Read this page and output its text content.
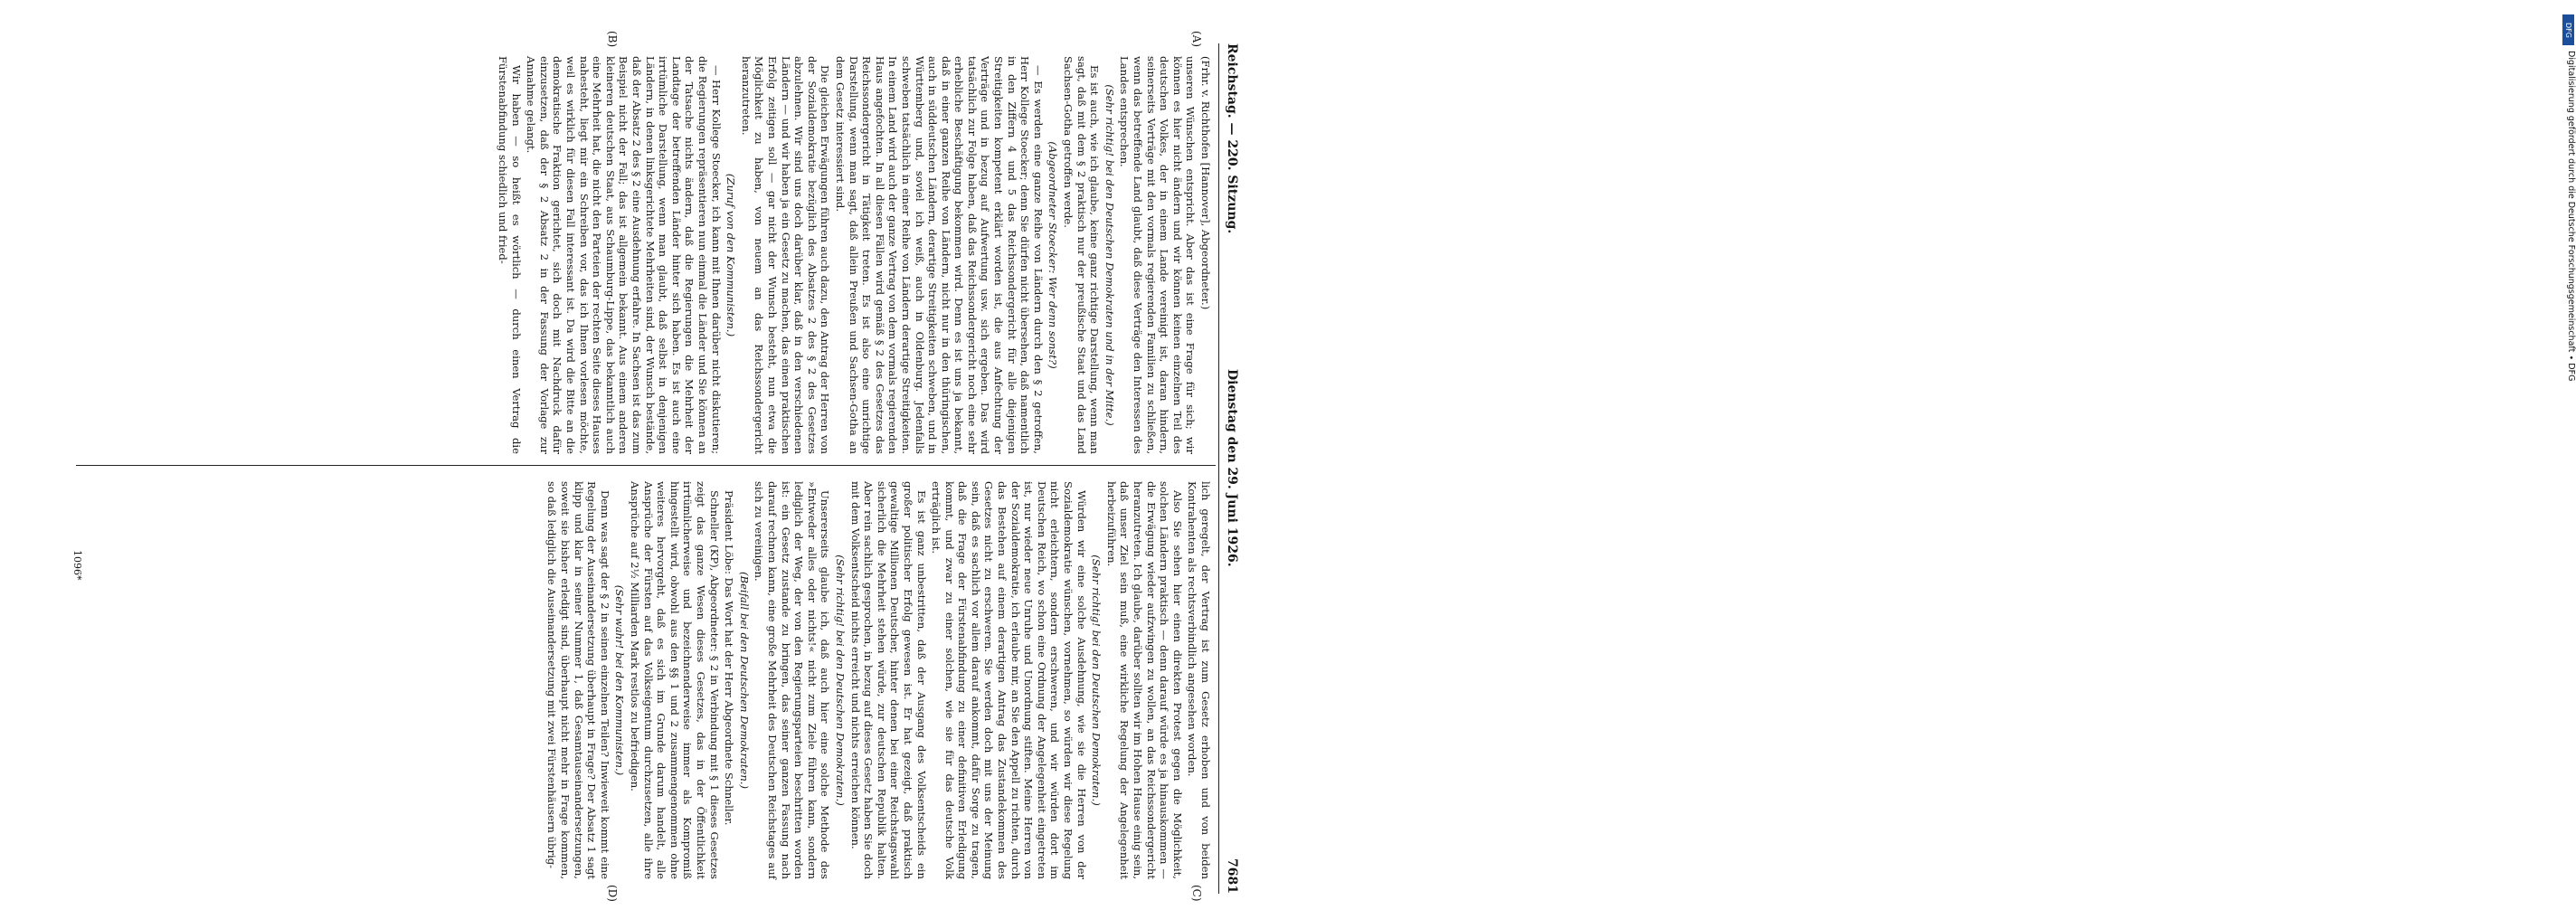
DFG
Digitalisierung gefördert durch die Deutsche Forschungsgemeinschaft ∙ DFG
Reichstag. — 220. Sitzung.
Dienstag den 29. Juni 1926.
7681
(A)
(B)
(C)
(D)

(Frhr. v. Richthofen [Hannover], Abgeordneter.)

unseren Wünschen entspricht. Aber das ist eine Frage für sich; wir können es hier nicht ändern und wir können keinen einzelnen Teil des deutschen Volkes, der in einem Lande vereinigt ist, daran hindern, seinerseits Verträge mit den vormals regierenden Familien zu schließen, wenn das betreffende Land glaubt, daß diese Verträge den Interessen des Landes entsprechen.

(Sehr richtig! bei den Deutschen Demokraten und in der Mitte.)

Es ist auch, wie ich glaube, keine ganz richtige Darstellung, wenn man sagt, daß mit dem § 2 praktisch nur der preußische Staat und das Land Sachsen-Gotha getroffen werde.

(Abgeordneter Stoecker: Wer denn sonst?)

— Es werden eine ganze Reihe von Ländern durch den § 2 getroffen, Herr Kollege Stoecker; denn Sie dürfen nicht übersehen, daß namentlich in den Ziffern 4 und 5 das Reichssondergericht für alle diejenigen Streitigkeiten kompetent erklärt worden ist, die aus Anfechtung der Verträge und in bezug auf Aufwertung usw. sich ergeben. Das wird tatsächlich zur Folge haben, daß das Reichssondergericht noch eine sehr erhebliche Beschäftigung bekommen wird. Denn es ist uns ja bekannt, daß in einer ganzen Reihe von Ländern, nicht nur in den thüringischen, auch in süddeutschen Ländern, derartige Streitigkeiten schweben, und in Württemberg und, soviel ich weiß, auch in Oldenburg. Jedenfalls schweben tatsächlich in einer Reihe von Ländern derartige Streitigkeiten. In einem Land wird auch der ganze Vertrag von dem vormals regierenden Haus angefochten. In all diesen Fällen wird gemäß § 2 des Gesetzes das Reichssondergericht in Tätigkeit treten. Es ist also eine unrichtige Darstellung, wenn man sagt, daß allein Preußen und Sachsen-Gotha an dem Gesetz interessiert sind.

Die gleichen Erwägungen führen auch dazu, den Antrag der Herren von der Sozialdemokratie bezüglich des Absatzes 2 des § 2 des Gesetzes abzulehnen. Wir sind uns doch darüber klar, daß in den verschiedenen Ländern — und wir haben ja ein Gesetz zu machen, das einen praktischen Erfolg zeitigen soll — gar nicht der Wunsch besteht, nun etwa die Möglichkeit zu haben, von neuem an das Reichssondergericht heranzutreten.

(Zuruf von den Kommunisten.)

— Herr Kollege Stoecker, ich kann mit Ihnen darüber nicht diskutieren; die Regierungen repräsentieren nun einmal die Länder und Sie können an der Tatsache nichts ändern, daß die Regierungen die Mehrheit der Landtage der betreffenden Länder hinter sich haben. Es ist auch eine irrtümliche Darstellung, wenn man glaubt, daß selbst in denjenigen Ländern, in denen linksgerichtete Mehrheiten sind, der Wunsch bestände, daß der Absatz 2 des § 2 eine Ausdehnung erfahre. In Sachsen ist das zum Beispiel nicht der Fall; das ist allgemein bekannt. Aus einem anderen kleineren deutschen Staat, aus Schaumburg-Lippe, das bekanntlich auch eine Mehrheit hat, die nicht den Parteien der rechten Seite dieses Hauses nahesteht, liegt mir ein Schreiben vor, das ich Ihnen vorlesen möchte, weil es wirklich für diesen Fall interessant ist. Da wird die Bitte an die demokratische Fraktion gerichtet, sich doch mit Nachdruck dafür einzusetzen, daß der § 2 Absatz 2 in der Fassung der Vorlage zur Annahme gelangt.

Wir haben — so heißt es wörtlich — durch einen Vertrag die Fürstenabfindung schiedlich und fried-

lich geregelt, der Vertrag ist zum Gesetz erhoben und von beiden Kontrahenten als rechtsverbindlich angesehen worden.

Also Sie sehen hier einen direkten Protest gegen die Möglichkeit, solchen Ländern praktisch — denn darauf würde es ja hinauskommen — die Erwägung wieder aufzwingen zu wollen, an das Reichssondergericht heranzutreten. Ich glaube, darüber sollten wir im Hohen Hause einig sein, daß unser Ziel sein muß, eine wirkliche Regelung der Angelegenheit herbeizuführen.

(Sehr richtig! bei den Deutschen Demokraten.)

Würden wir eine solche Ausdehnung, wie sie die Herren von der Sozialdemokratie wünschen, vornehmen, so würden wir diese Regelung nicht erleichtern, sondern erschweren, und wir würden dort im Deutschen Reich, wo schon eine Ordnung der Angelegenheit eingetreten ist, nur wieder neue Unruhe und Unordnung stiften. Meine Herren von der Sozialdemokratie, ich erlaube mir, an Sie den Appell zu richten, durch das Bestehen auf einem derartigen Antrag das Zustandekommen des Gesetzes nicht zu erschweren. Sie werden doch mit uns der Meinung sein, daß es sachlich vor allem darauf ankommt, dafür Sorge zu tragen, daß die Frage der Fürstenabfindung zu einer definitiven Erledigung kommt, und zwar zu einer solchen, wie sie für das deutsche Volk erträglich ist.

Es ist ganz unbestritten, daß der Ausgang des Volksentscheids ein großer politischer Erfolg gewesen ist. Er hat gezeigt, daß praktisch gewaltige Millionen Deutscher, hinter denen bei einer Reichstagswahl sicherlich die Mehrheit stehen würde, zur deutschen Republik halten. Aber rein sachlich gesprochen, in bezug auf dieses Gesetz haben Sie doch mit dem Volksentscheid nichts erreicht und nichts erreichen können.

(Sehr richtig! bei den Deutschen Demokraten.)

Unsererseits glaube ich, daß auch hier eine solche Methode des »Entweder alles oder nichts!« nicht zum Ziele führen kann, sondern lediglich der Weg, der von den Regierungsparteien beschritten worden ist: ein Gesetz zustande zu bringen, das seiner ganzen Fassung nach darauf rechnen kann, eine große Mehrheit des Deutschen Reichstages auf sich zu vereinigen.

(Beifall bei den Deutschen Demokraten.)

Präsident Löbe: Das Wort hat der Herr Abgeordnete Schneller.

Schneller (KP), Abgeordneter: § 2 in Verbindung mit § 1 dieses Gesetzes zeigt das ganze Wesen dieses Gesetzes, das in der Öffentlichkeit irrtümlicherweise und bezeichnenderweise immer als Kompromiß hingestellt wird, obwohl aus den §§ 1 und 2 zusammengenommen ohne weiteres hervorgeht, daß es sich im Grunde darum handelt, alle Ansprüche der Fürsten auf das Volkseigentum durchzusetzen, alle ihre Ansprüche auf 2½ Milliarden Mark restlos zu befriedigen.

(Sehr wahr! bei den Kommunisten.)

Denn was sagt der § 2 in seinen einzelnen Teilen? Inwieweit kommt eine Regelung der Auseinandersetzung überhaupt in Frage? Der Absatz 1 sagt klipp und klar in seiner Nummer 1, daß Gesamtauseinandersetzungen, soweit sie bisher erledigt sind, überhaupt nicht mehr in Frage kommen, so daß lediglich die Auseinandersetzung mit zwei Fürstenhäusern übrig-

1096*
